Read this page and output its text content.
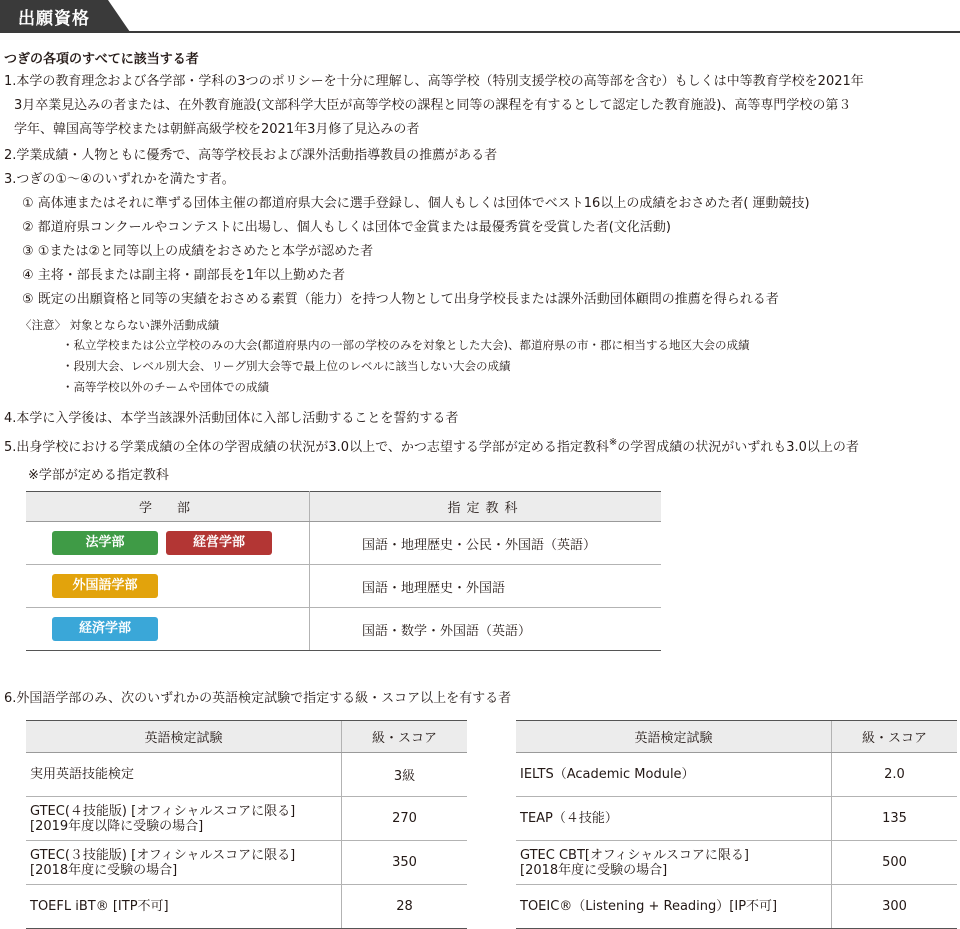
出願資格
つぎの各項のすべてに該当する者
1.本学の教育理念および各学部・学科の3つのポリシーを十分に理解し、高等学校（特別支援学校の高等部を含む）もしくは中等教育学校を2021年
3月卒業見込みの者または、在外教育施設(文部科学大臣が高等学校の課程と同等の課程を有するとして認定した教育施設)、高等専門学校の第３
学年、韓国高等学校または朝鮮高級学校を2021年3月修了見込みの者
2.学業成績・人物ともに優秀で、高等学校長および課外活動指導教員の推薦がある者
3.つぎの①～④のいずれかを満たす者。
① 高体連またはそれに準ずる団体主催の都道府県大会に選手登録し、個人もしくは団体でベスト16以上の成績をおさめた者( 運動競技)
② 都道府県コンクールやコンテストに出場し、個人もしくは団体で金賞または最優秀賞を受賞した者(文化活動)
③ ①または②と同等以上の成績をおさめたと本学が認めた者
④ 主将・部長または副主将・副部長を1年以上勤めた者
⑤ 既定の出願資格と同等の実績をおさめる素質（能力）を持つ人物として出身学校長または課外活動団体顧問の推薦を得られる者
〈注意〉 対象とならない課外活動成績
・私立学校または公立学校のみの大会(都道府県内の一部の学校のみを対象とした大会)、都道府県の市・郡に相当する地区大会の成績
・段別大会、レベル別大会、リーグ別大会等で最上位のレベルに該当しない大会の成績
・高等学校以外のチームや団体での成績
4.本学に入学後は、本学当該課外活動団体に入部し活動することを誓約する者
5.出身学校における学業成績の全体の学習成績の状況が3.0以上で、かつ志望する学部が定める指定教科※の学習成績の状況がいずれも3.0以上の者
※学部が定める指定教科
学　部	指定教科
法学部 経営学部	国語・地理歴史・公民・外国語（英語）
外国語学部	国語・地理歴史・外国語
経済学部	国語・数学・外国語（英語）
6.外国語学部のみ、次のいずれかの英語検定試験で指定する級・スコア以上を有する者
英語検定試験	級・スコア
実用英語技能検定	3級

GTEC(４技能版) [オフィシャルスコアに限る]
[2019年度以降に受験の場合]	270

GTEC(３技能版) [オフィシャルスコアに限る]
[2018年度に受験の場合]	350
TOEFL iBT® [ITP不可]	28
英語検定試験	級・スコア
IELTS（Academic Module）	2.0
TEAP（４技能）	135

GTEC CBT[オフィシャルスコアに限る]
[2018年度に受験の場合]	500
TOEIC®（Listening + Reading）[IP不可]	300
